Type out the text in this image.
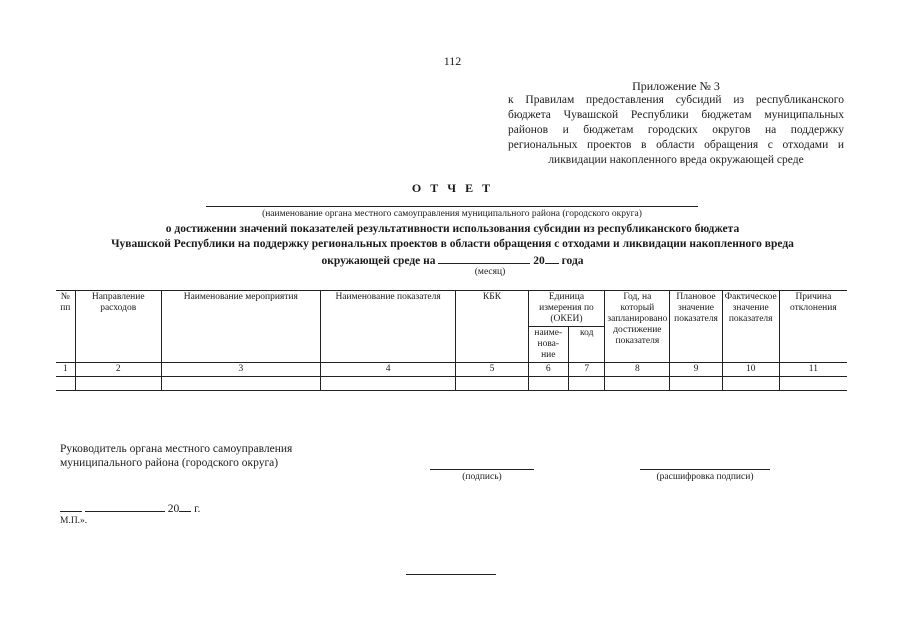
112
Приложение № 3
к Правилам предоставления субсидий из республиканского бюджета Чувашской Республики бюджетам муниципальных районов и бюджетам городских округов на поддержку региональных проектов в области обращения с отходами и ликвидации накопленного вреда окружающей среде
О Т Ч Е Т
(наименование органа местного самоуправления муниципального района (городского округа)
о достижении значений показателей результативности использования субсидии из республиканского бюджета
Чувашской Республики на поддержку региональных проектов в области обращения с отходами и ликвидации накопленного вреда
окружающей среде на	20 года
(месяц)
№ пп	Направление расходов	Наименование мероприятия	Наименование показателя	КБК	Единица измерения по (ОКЕИ)		Год, на который запланировано достижение показателя	Плановое значение показателя	Фактическое значение показателя	Причина отклонения
					наиме-нова-ние	код				
1	2	3	4	5	6	7	8	9	10	11

Руководитель органа местного самоуправления
муниципального района (городского округа)
(подпись)	(расшифровка подписи)
20 г.
М.П.».
